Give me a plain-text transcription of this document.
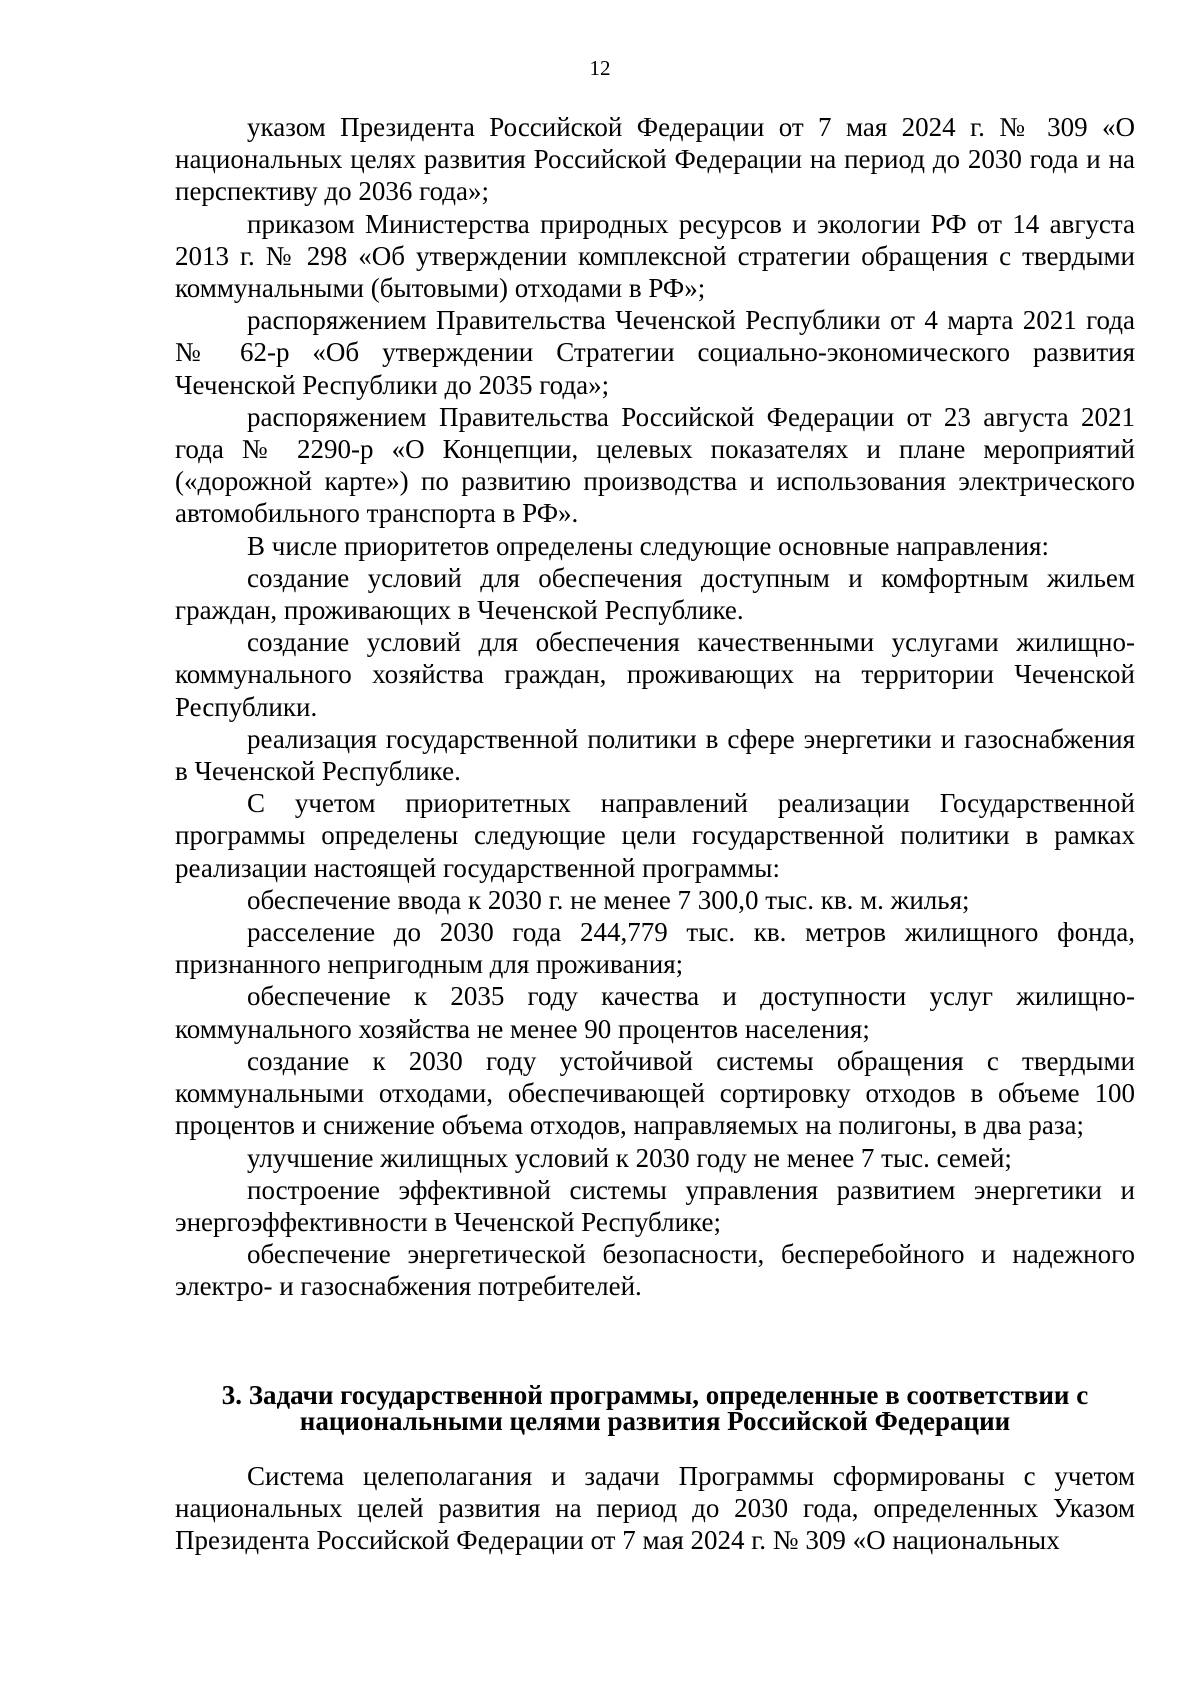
12

указом Президента Российской Федерации от 7 мая 2024 г. № 309 «О национальных целях развития Российской Федерации на период до 2030 года и на перспективу до 2036 года»;

приказом Министерства природных ресурсов и экологии РФ от 14 августа 2013 г. № 298 «Об утверждении комплексной стратегии обращения с твердыми коммунальными (бытовыми) отходами в РФ»;

распоряжением Правительства Чеченской Республики от 4 марта 2021 года № 62-р «Об утверждении Стратегии социально-экономического развития Чеченской Республики до 2035 года»;

распоряжением Правительства Российской Федерации от 23 августа 2021 года № 2290-р «О Концепции, целевых показателях и плане мероприятий («дорожной карте») по развитию производства и использования электрического автомобильного транспорта в РФ».

В числе приоритетов определены следующие основные направления:

создание условий для обеспечения доступным и комфортным жильем граждан, проживающих в Чеченской Республике.

создание условий для обеспечения качественными услугами жилищно-коммунального хозяйства граждан, проживающих на территории Чеченской Республики.

реализация государственной политики в сфере энергетики и газоснабжения в Чеченской Республике.

С учетом приоритетных направлений реализации Государственной программы определены следующие цели государственной политики в рамках реализации настоящей государственной программы:

обеспечение ввода к 2030 г. не менее 7 300,0 тыс. кв. м. жилья;

расселение до 2030 года 244,779 тыс. кв. метров жилищного фонда, признанного непригодным для проживания;

обеспечение к 2035 году качества и доступности услуг жилищно-коммунального хозяйства не менее 90 процентов населения;

создание к 2030 году устойчивой системы обращения с твердыми коммунальными отходами, обеспечивающей сортировку отходов в объеме 100 процентов и снижение объема отходов, направляемых на полигоны, в два раза;

улучшение жилищных условий к 2030 году не менее 7 тыс. семей;

построение эффективной системы управления развитием энергетики и энергоэффективности в Чеченской Республике;

обеспечение энергетической безопасности, бесперебойного и надежного электро- и газоснабжения потребителей.

3. Задачи государственной программы, определенные в соответствии с национальными целями развития Российской Федерации

Система целеполагания и задачи Программы сформированы с учетом национальных целей развития на период до 2030 года, определенных Указом Президента Российской Федерации от 7 мая 2024 г. № 309 «О национальных
